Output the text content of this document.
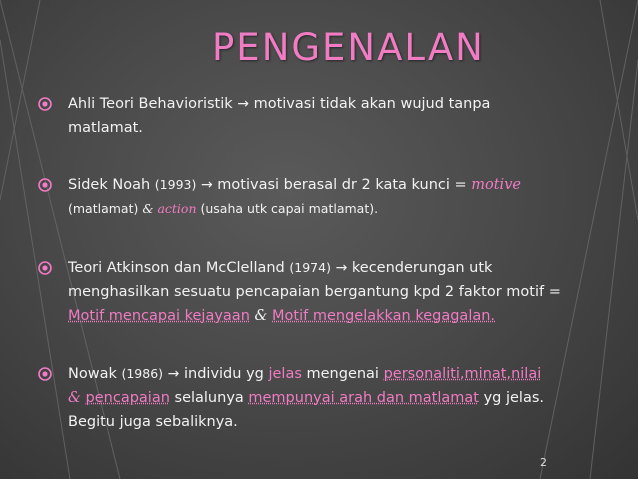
PENGENALAN
Ahli Teori Behavioristik → motivasi tidak akan wujud tanpa
matlamat.
Sidek Noah (1993) → motivasi berasal dr 2 kata kunci = motive
(matlamat) & action (usaha utk capai matlamat).
Teori Atkinson dan McClelland (1974) → kecenderungan utk
menghasilkan sesuatu pencapaian bergantung kpd 2 faktor motif =
Motif mencapai kejayaan & Motif mengelakkan kegagalan.
Nowak (1986) → individu yg jelas mengenai personaliti,minat,nilai
& pencapaian selalunya mempunyai arah dan matlamat yg jelas.
Begitu juga sebaliknya.
2
